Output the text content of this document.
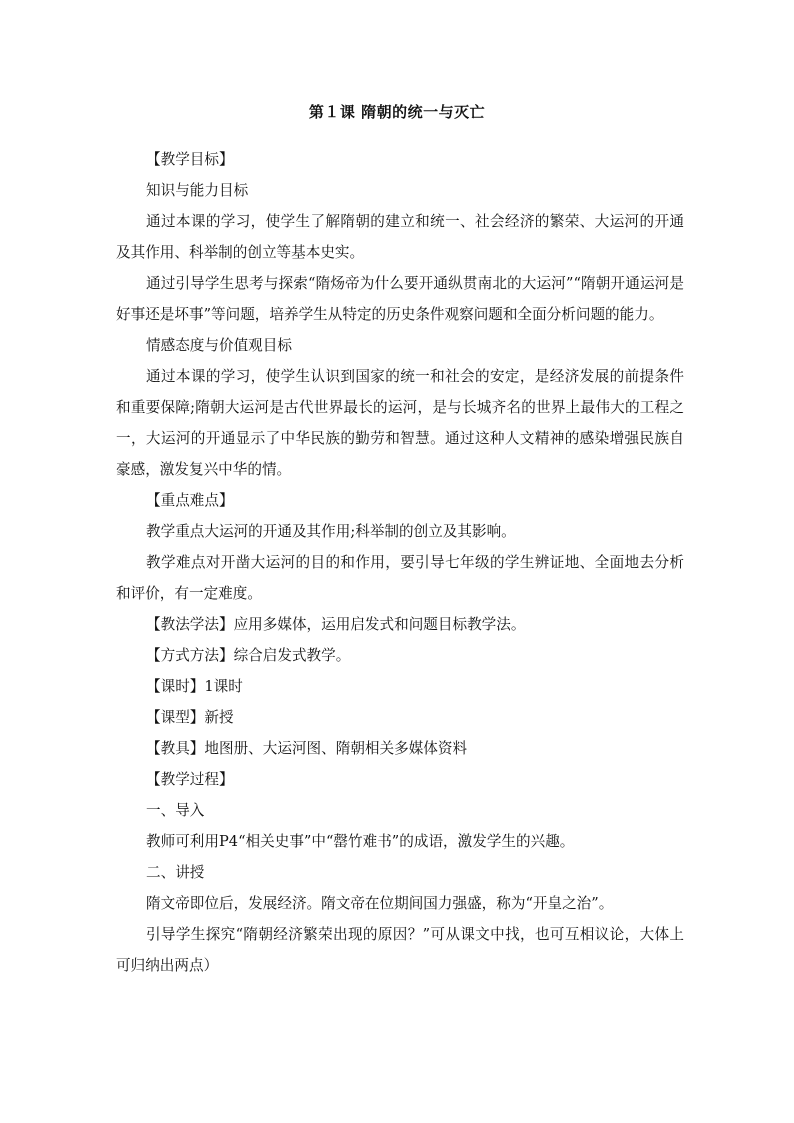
第１课 隋朝的统一与灭亡

【教学目标】

知识与能力目标

通过本课的学习，使学生了解隋朝的建立和统一、社会经济的繁荣、大运河的开通及其作用、科举制的创立等基本史实。

通过引导学生思考与探索“隋炀帝为什么要开通纵贯南北的大运河”“隋朝开通运河是好事还是坏事”等问题，培养学生从特定的历史条件观察问题和全面分析问题的能力。

情感态度与价值观目标

通过本课的学习，使学生认识到国家的统一和社会的安定，是经济发展的前提条件和重要保障;隋朝大运河是古代世界最长的运河，是与长城齐名的世界上最伟大的工程之一，大运河的开通显示了中华民族的勤劳和智慧。通过这种人文精神的感染增强民族自豪感，激发复兴中华的情。

【重点难点】

教学重点大运河的开通及其作用;科举制的创立及其影响。

教学难点对开凿大运河的目的和作用，要引导七年级的学生辨证地、全面地去分析和评价，有一定难度。

【教法学法】应用多媒体，运用启发式和问题目标教学法。

【方式方法】综合启发式教学。

【课时】1课时

【课型】新授

【教具】地图册、大运河图、隋朝相关多媒体资料

【教学过程】

一、导入

教师可利用P4“相关史事”中“罄竹难书”的成语，激发学生的兴趣。

二、讲授

隋文帝即位后，发展经济。隋文帝在位期间国力强盛，称为“开皇之治”。

引导学生探究“隋朝经济繁荣出现的原因？”可从课文中找，也可互相议论，大体上可归纳出两点）
